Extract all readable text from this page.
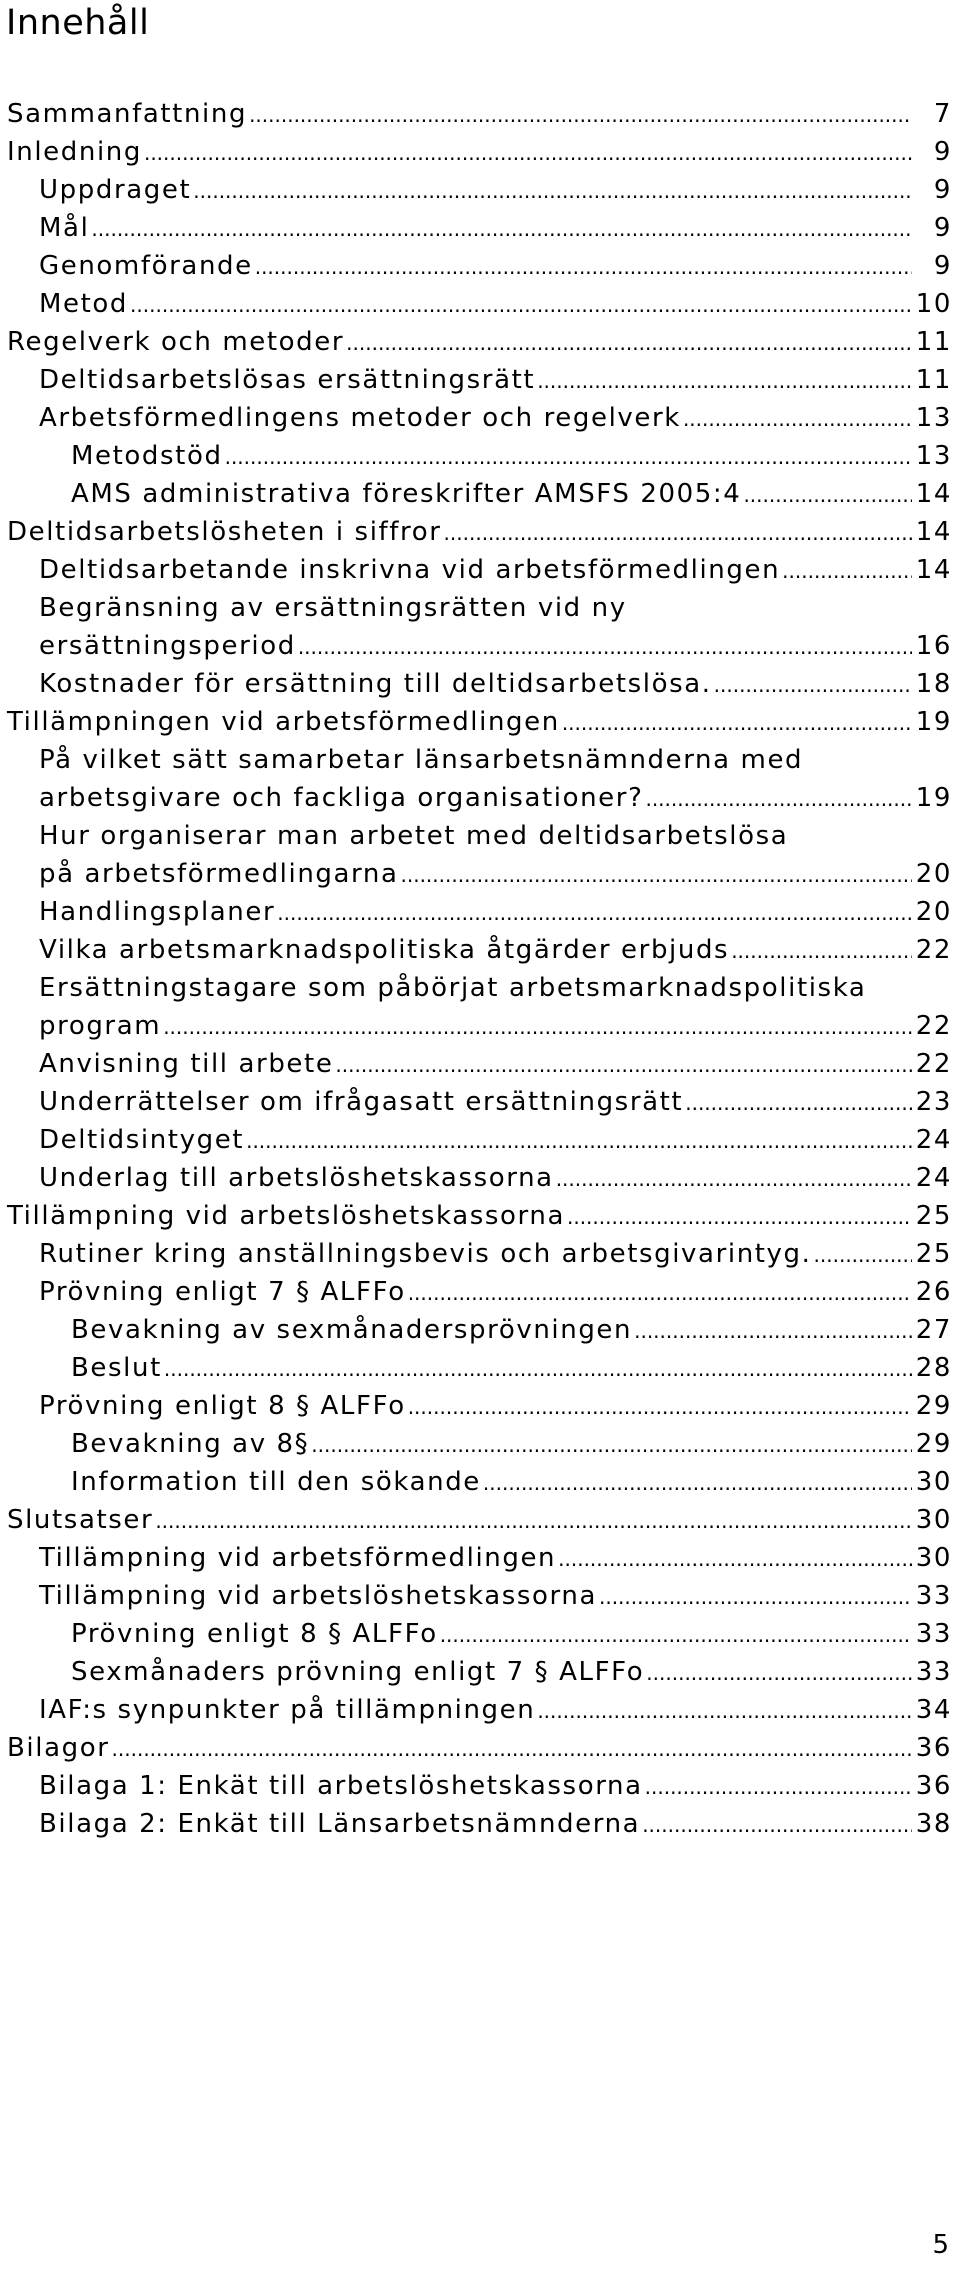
Innehåll
Sammanfattning .....	7
Inledning .....	9
Uppdraget .....	9
Mål .....	9
Genomförande .....	9
Metod .....	10
Regelverk och metoder .....	11
Deltidsarbetslösas ersättningsrätt .....	11
Arbetsförmedlingens metoder och regelverk .....	13
Metodstöd .....	13
AMS administrativa föreskrifter AMSFS 2005:4 .....	14
Deltidsarbetslösheten i siffror .....	14
Deltidsarbetande inskrivna vid arbetsförmedlingen .....	14
Begränsning av ersättningsrätten vid ny
ersättningsperiod .....	16
Kostnader för ersättning till deltidsarbetslösa. .....	18
Tillämpningen vid arbetsförmedlingen .....	19
På vilket sätt samarbetar länsarbetsnämnderna med
arbetsgivare och fackliga organisationer? .....	19
Hur organiserar man arbetet med deltidsarbetslösa
på arbetsförmedlingarna .....	20
Handlingsplaner .....	20
Vilka arbetsmarknadspolitiska åtgärder erbjuds .....	22
Ersättningstagare som påbörjat arbetsmarknadspolitiska
program .....	22
Anvisning till arbete .....	22
Underrättelser om ifrågasatt ersättningsrätt .....	23
Deltidsintyget .....	24
Underlag till arbetslöshetskassorna .....	24
Tillämpning vid arbetslöshetskassorna .....	25
Rutiner kring anställningsbevis och arbetsgivarintyg. .....	25
Prövning enligt 7 § ALFFo .....	26
Bevakning av sexmånadersprövningen .....	27
Beslut .....	28
Prövning enligt 8 § ALFFo .....	29
Bevakning av 8§ .....	29
Information till den sökande .....	30
Slutsatser .....	30
Tillämpning vid arbetsförmedlingen .....	30
Tillämpning vid arbetslöshetskassorna .....	33
Prövning enligt 8 § ALFFo .....	33
Sexmånaders prövning enligt 7 § ALFFo .....	33
IAF:s synpunkter på tillämpningen .....	34
Bilagor .....	36
Bilaga 1: Enkät till arbetslöshetskassorna .....	36
Bilaga 2: Enkät till Länsarbetsnämnderna .....	38
5
